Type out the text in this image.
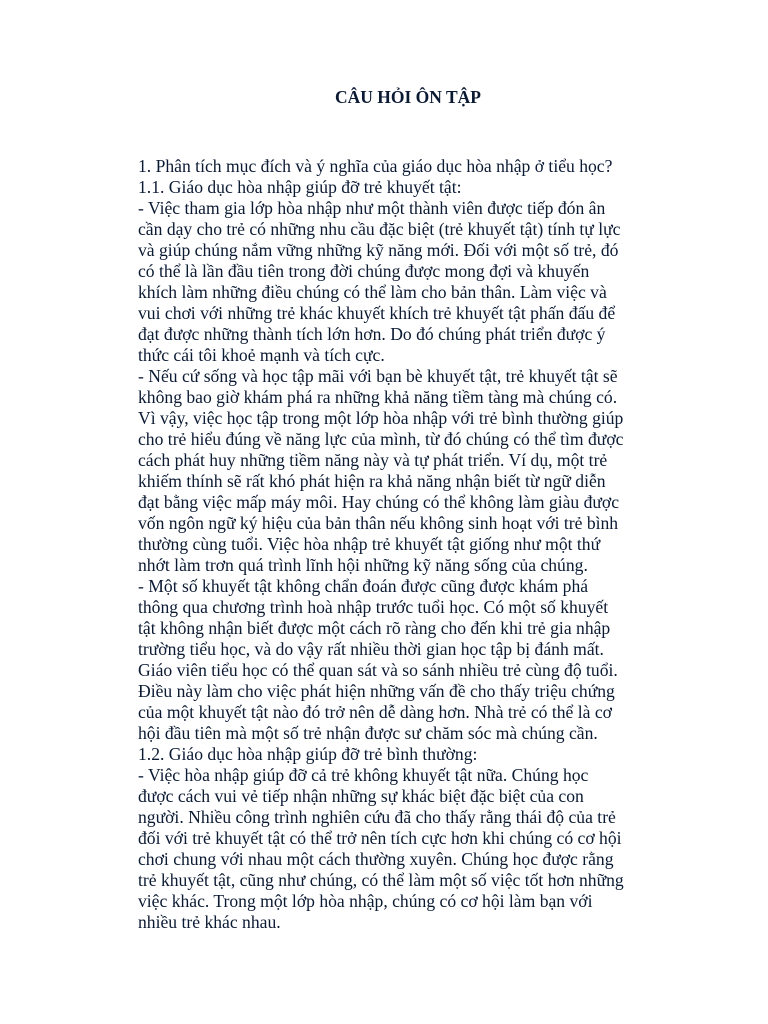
CÂU HỎI ÔN TẬP

1. Phân tích mục đích và ý nghĩa của giáo dục hòa nhập ở tiểu học?

1.1. Giáo dục hòa nhập giúp đỡ trẻ khuyết tật:

- Việc tham gia lớp hòa nhập như một thành viên được tiếp đón ân

cần dạy cho trẻ có những nhu cầu đặc biệt (trẻ khuyết tật) tính tự lực

và giúp chúng nắm vững những kỹ năng mới. Đối với một số trẻ, đó

có thể là lần đầu tiên trong đời chúng được mong đợi và khuyến

khích làm những điều chúng có thể làm cho bản thân. Làm việc và

vui chơi với những trẻ khác khuyết khích trẻ khuyết tật phấn đấu để

đạt được những thành tích lớn hơn. Do đó chúng phát triển được ý

thức cái tôi khoẻ mạnh và tích cực.

- Nếu cứ sống và học tập mãi với bạn bè khuyết tật, trẻ khuyết tật sẽ

không bao giờ khám phá ra những khả năng tiềm tàng mà chúng có.

Vì vậy, việc học tập trong một lớp hòa nhập với trẻ bình thường giúp

cho trẻ hiểu đúng về năng lực của mình, từ đó chúng có thể tìm được

cách phát huy những tiềm năng này và tự phát triển. Ví dụ, một trẻ

khiếm thính sẽ rất khó phát hiện ra khả năng nhận biết từ ngữ diễn

đạt bằng việc mấp máy môi. Hay chúng có thể không làm giàu được

vốn ngôn ngữ ký hiệu của bản thân nếu không sinh hoạt với trẻ bình

thường cùng tuổi. Việc hòa nhập trẻ khuyết tật giống như một thứ

nhớt làm trơn quá trình lĩnh hội những kỹ năng sống của chúng.

- Một số khuyết tật không chẩn đoán được cũng được khám phá

thông qua chương trình hoà nhập trước tuổi học. Có một số khuyết

tật không nhận biết được một cách rõ ràng cho đến khi trẻ gia nhập

trường tiểu học, và do vậy rất nhiều thời gian học tập bị đánh mất.

Giáo viên tiểu học có thể quan sát và so sánh nhiều trẻ cùng độ tuổi.

Điều này làm cho việc phát hiện những vấn đề cho thấy triệu chứng

của một khuyết tật nào đó trở nên dễ dàng hơn. Nhà trẻ có thể là cơ

hội đầu tiên mà một số trẻ nhận được sư chăm sóc mà chúng cần.

1.2. Giáo dục hòa nhập giúp đỡ trẻ bình thường:

- Việc hòa nhập giúp đỡ cả trẻ không khuyết tật nữa. Chúng học

được cách vui vẻ tiếp nhận những sự khác biệt đặc biệt của con

người. Nhiều công trình nghiên cứu đã cho thấy rằng thái độ của trẻ

đối với trẻ khuyết tật có thể trở nên tích cực hơn khi chúng có cơ hội

chơi chung với nhau một cách thường xuyên. Chúng học được rằng

trẻ khuyết tật, cũng như chúng, có thể làm một số việc tốt hơn những

việc khác. Trong một lớp hòa nhập, chúng có cơ hội làm bạn với

nhiều trẻ khác nhau.
